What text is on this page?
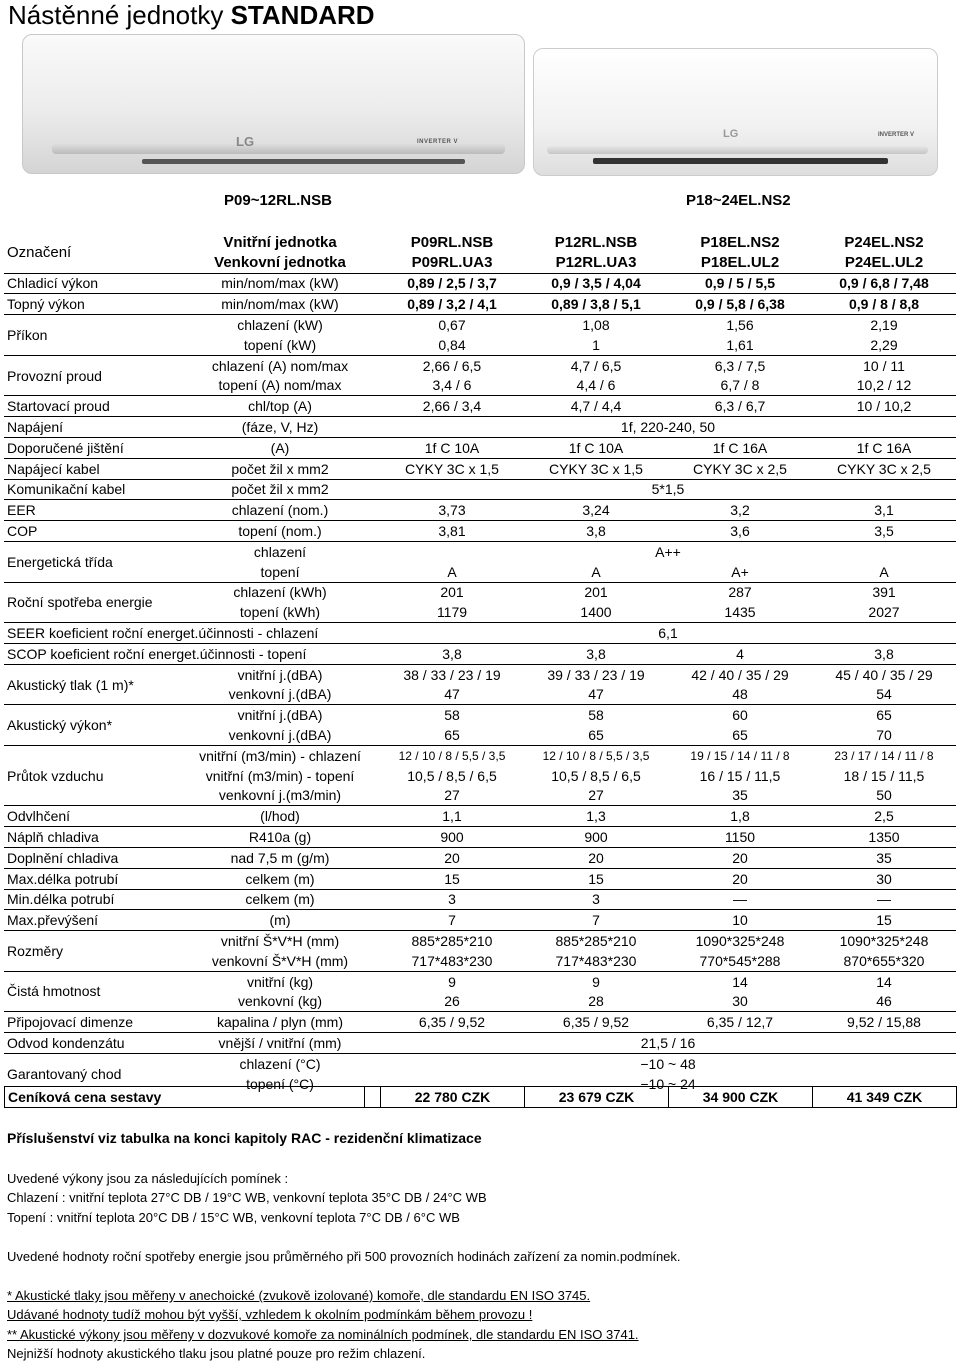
Nástěnné jednotky STANDARD
LG	INVERTER V
LG	INVERTER V
P09~12RL.NSB	P18~24EL.NS2
Označení	Vnitřní jednotka	P09RL.NSB	P12RL.NSB	P18EL.NS2	P24EL.NS2
	Venkovní jednotka	P09RL.UA3	P12RL.UA3	P18EL.UL2	P24EL.UL2
Chladicí výkon	min/nom/max (kW)	0,89 / 2,5 / 3,7	0,9 / 3,5 / 4,04	0,9 / 5 / 5,5	0,9 / 6,8 / 7,48
Topný výkon	min/nom/max (kW)	0,89 / 3,2 / 4,1	0,89 / 3,8 / 5,1	0,9 / 5,8 / 6,38	0,9 / 8 / 8,8
Příkon	chlazení (kW)	0,67	1,08	1,56	2,19
	topení (kW)	0,84	1	1,61	2,29
Provozní proud	chlazení (A) nom/max	2,66 / 6,5	4,7 / 6,5	6,3 / 7,5	10 / 11
	topení (A) nom/max	3,4 / 6	4,4 / 6	6,7 / 8	10,2 / 12
Startovací proud	chl/top (A)	2,66 / 3,4	4,7 / 4,4	6,3 / 6,7	10 / 10,2
Napájení	(fáze, V, Hz)	1f, 220-240, 50			
Doporučené jištění	(A)	1f C 10A	1f C 10A	1f C 16A	1f C 16A
Napájecí kabel	počet žil x mm2	CYKY 3C x 1,5	CYKY 3C x 1,5	CYKY 3C x 2,5	CYKY 3C x 2,5
Komunikační kabel	počet žil x mm2	5*1,5			
EER	chlazení (nom.)	3,73	3,24	3,2	3,1
COP	topení (nom.)	3,81	3,8	3,6	3,5
Energetická třída	chlazení	A++			
	topení	A	A	A+	A
Roční spotřeba energie	chlazení (kWh)	201	201	287	391
	topení (kWh)	1179	1400	1435	2027
SEER koeficient roční energet.účinnosti - chlazení		6,1			
SCOP koeficient roční energet.účinnosti - topení		3,8	3,8	4	3,8
Akustický tlak (1 m)*	vnitřní j.(dBA)	38 / 33 / 23 / 19	39 / 33 / 23 / 19	42 / 40 / 35 / 29	45 / 40 / 35 / 29
	venkovní j.(dBA)	47	47	48	54
Akustický výkon*	vnitřní j.(dBA)	58	58	60	65
	venkovní j.(dBA)	65	65	65	70
Průtok vzduchu	vnitřní (m3/min) - chlazení	12 / 10 / 8 / 5,5 / 3,5	12 / 10 / 8 / 5,5 / 3,5	19 / 15 / 14 / 11 / 8	23 / 17 / 14 / 11 / 8
	vnitřní (m3/min) - topení	10,5 / 8,5 / 6,5	10,5 / 8,5 / 6,5	16 / 15 / 11,5	18 / 15 / 11,5
	venkovní j.(m3/min)	27	27	35	50
Odvlhčení	(l/hod)	1,1	1,3	1,8	2,5
Náplň chladiva	R410a (g)	900	900	1150	1350
Doplnění chladiva	nad 7,5 m (g/m)	20	20	20	35
Max.délka potrubí	celkem (m)	15	15	20	30
Min.délka potrubí	celkem (m)	3	3	—	—
Max.převýšení	(m)	7	7	10	15
Rozměry	vnitřní Š*V*H (mm)	885*285*210	885*285*210	1090*325*248	1090*325*248
	venkovní Š*V*H (mm)	717*483*230	717*483*230	770*545*288	870*655*320
Čistá hmotnost	vnitřní (kg)	9	9	14	14
	venkovní (kg)	26	28	30	46
Připojovací dimenze	kapalina / plyn (mm)	6,35 / 9,52	6,35 / 9,52	6,35 / 12,7	9,52 / 15,88
Odvod kondenzátu	vnější / vnitřní (mm)	21,5 / 16			
Garantovaný chod	chlazení (°C)	−10 ~ 48			
	topení (°C)	−10 ~ 24			
Ceníková cena sestavy		22 780 CZK	23 679 CZK	34 900 CZK	41 349 CZK
Příslušenství viz tabulka na konci kapitoly RAC - rezidenční klimatizace
Uvedené výkony jsou za následujících pomínek :
Chlazení : vnitřní teplota 27°C DB / 19°C WB, venkovní teplota 35°C DB / 24°C WB
Topení : vnitřní teplota 20°C DB / 15°C WB, venkovní teplota 7°C DB / 6°C WB
Uvedené hodnoty roční spotřeby energie jsou průměrného při 500 provozních hodinách zařízení za nomin.podmínek.
* Akustické tlaky jsou měřeny v anechoické (zvukově izolované) komoře, dle standardu EN ISO 3745.
Udávané hodnoty tudíž mohou být vyšší, vzhledem k okolním podmínkám během provozu !
** Akustické výkony jsou měřeny v dozvukové komoře za nominálních podmínek, dle standardu EN ISO 3741.
Nejnižší hodnoty akustického tlaku jsou platné pouze pro režim chlazení.
